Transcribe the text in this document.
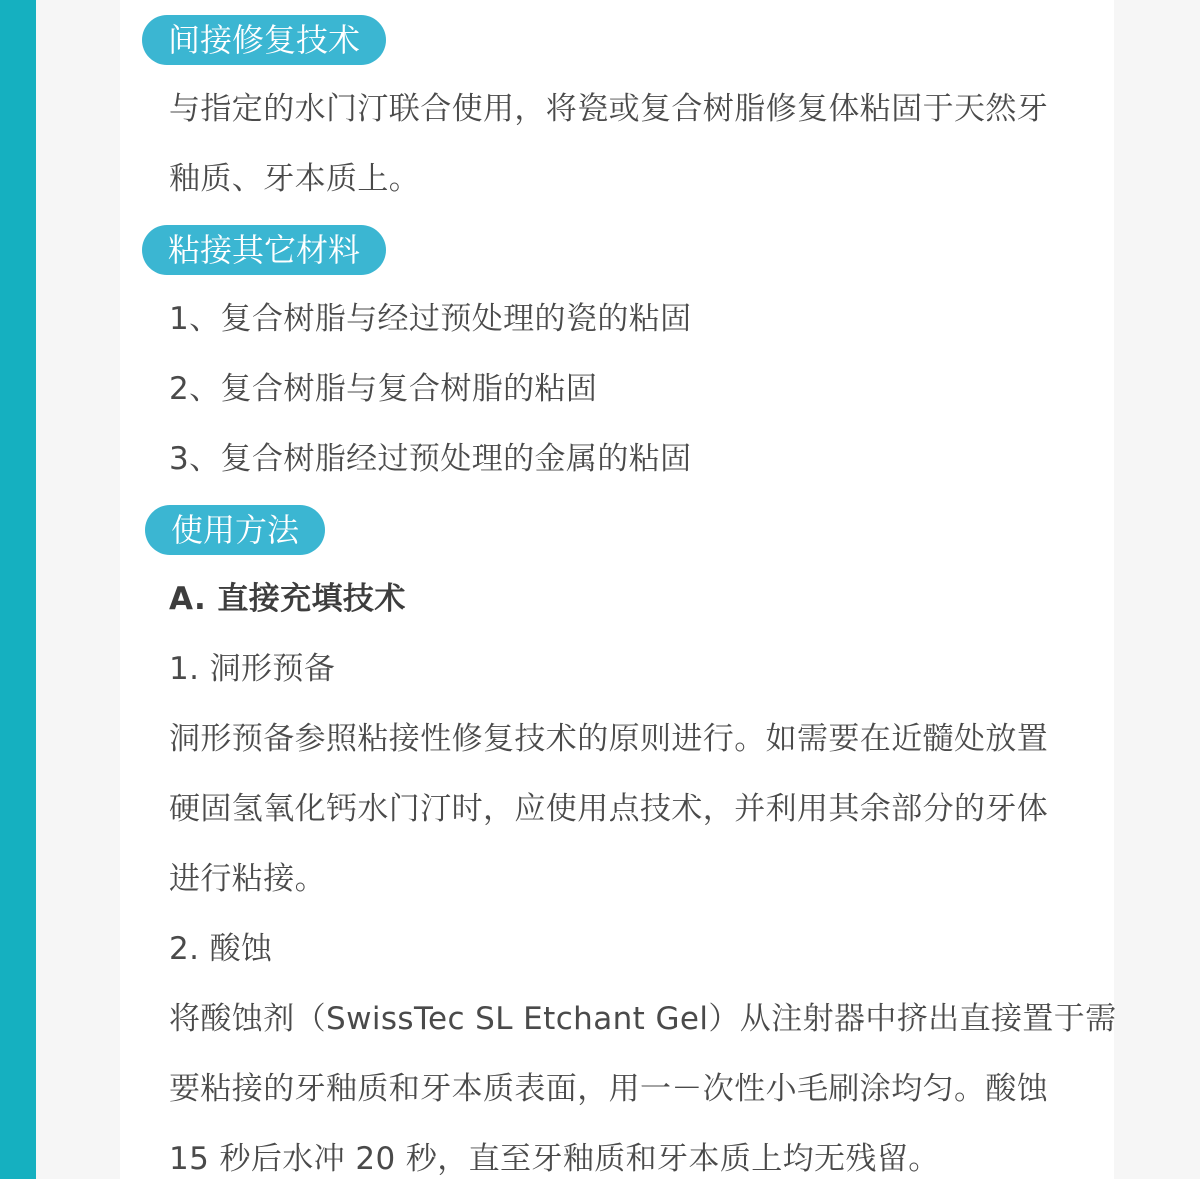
间接修复技术
与指定的水门汀联合使用，将瓷或复合树脂修复体粘固于天然牙
釉质、牙本质上。
粘接其它材料
1、复合树脂与经过预处理的瓷的粘固
2、复合树脂与复合树脂的粘固
3、复合树脂经过预处理的金属的粘固
使用方法
A. 直接充填技术
1. 洞形预备
洞形预备参照粘接性修复技术的原则进行。如需要在近髓处放置
硬固氢氧化钙水门汀时，应使用点技术，并利用其余部分的牙体
进行粘接。
2. 酸蚀
将酸蚀剂（SwissTec SL Etchant Gel）从注射器中挤出直接置于需
要粘接的牙釉质和牙本质表面，用一－次性小毛刷涂均匀。酸蚀
15 秒后水冲 20 秒，直至牙釉质和牙本质上均无残留。
